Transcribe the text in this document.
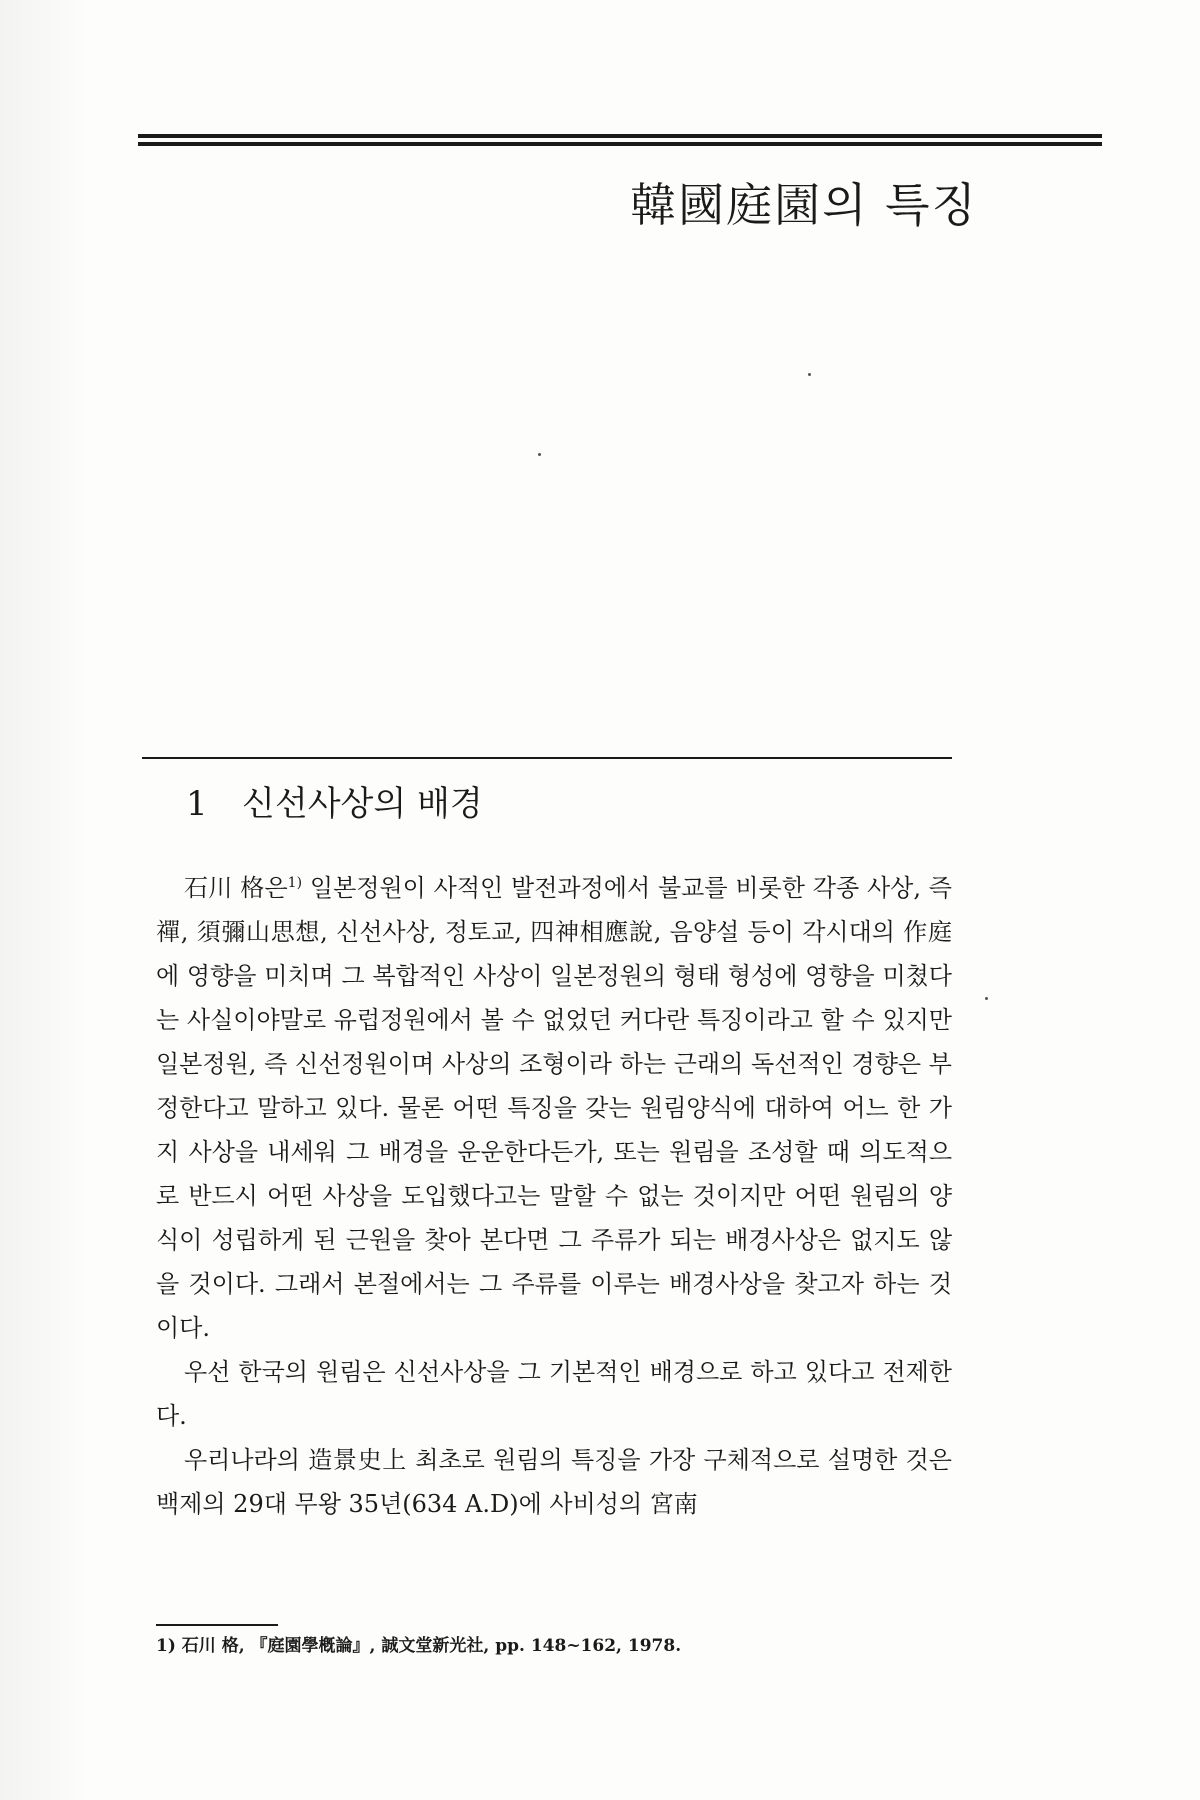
韓國庭園의 특징
1 신선사상의 배경

石川 格은$^{1)}$ 일본정원이 사적인 발전과정에서 불교를 비롯한 각종 사상, 즉 禪, 須彌山思想, 신선사상, 정토교, 四神相應說, 음양설 등이 각시대의 作庭에 영향을 미치며 그 복합적인 사상이 일본정원의 형태 형성에 영향을 미쳤다는 사실이야말로 유럽정원에서 볼 수 없었던 커다란 특징이라고 할 수 있지만 일본정원, 즉 신선정원이며 사상의 조형이라 하는 근래의 독선적인 경향은 부정한다고 말하고 있다. 물론 어떤 특징을 갖는 원림양식에 대하여 어느 한 가지 사상을 내세워 그 배경을 운운한다든가, 또는 원림을 조성할 때 의도적으로 반드시 어떤 사상을 도입했다고는 말할 수 없는 것이지만 어떤 원림의 양식이 성립하게 된 근원을 찾아 본다면 그 주류가 되는 배경사상은 없지도 않을 것이다. 그래서 본절에서는 그 주류를 이루는 배경사상을 찾고자 하는 것이다.

우선 한국의 원림은 신선사상을 그 기본적인 배경으로 하고 있다고 전제한다.

우리나라의 造景史上 최초로 원림의 특징을 가장 구체적으로 설명한 것은 백제의 29대 무왕 35년(634 A.D)에 사비성의 宮南

1) 石川 格, 『庭園學槪論』, 誠文堂新光社, pp. 148~162, 1978.
